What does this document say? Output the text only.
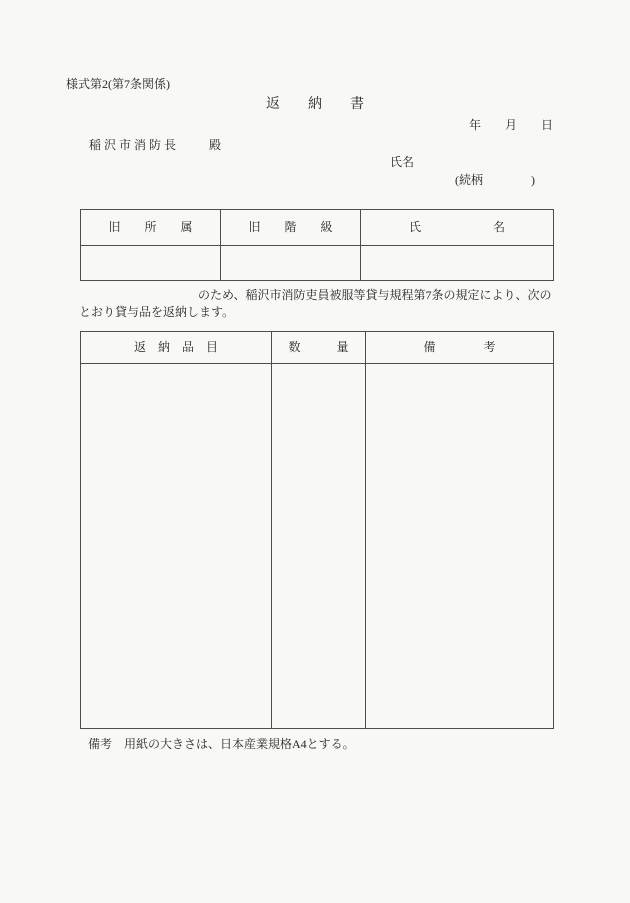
様式第2(第7条関係)
返　　納　　書
年　　月　　日
稲沢市消防長　　殿
氏名
(続柄　　　　)
旧　　所　　属	旧　　階　　級	氏　　　　　　名

のため、稲沢市消防吏員被服等貸与規程第7条の規定により、次の
とおり貸与品を返納します。
返　納　品　目	数　　　量	備　　　　考

備考　用紙の大きさは、日本産業規格A4とする。
